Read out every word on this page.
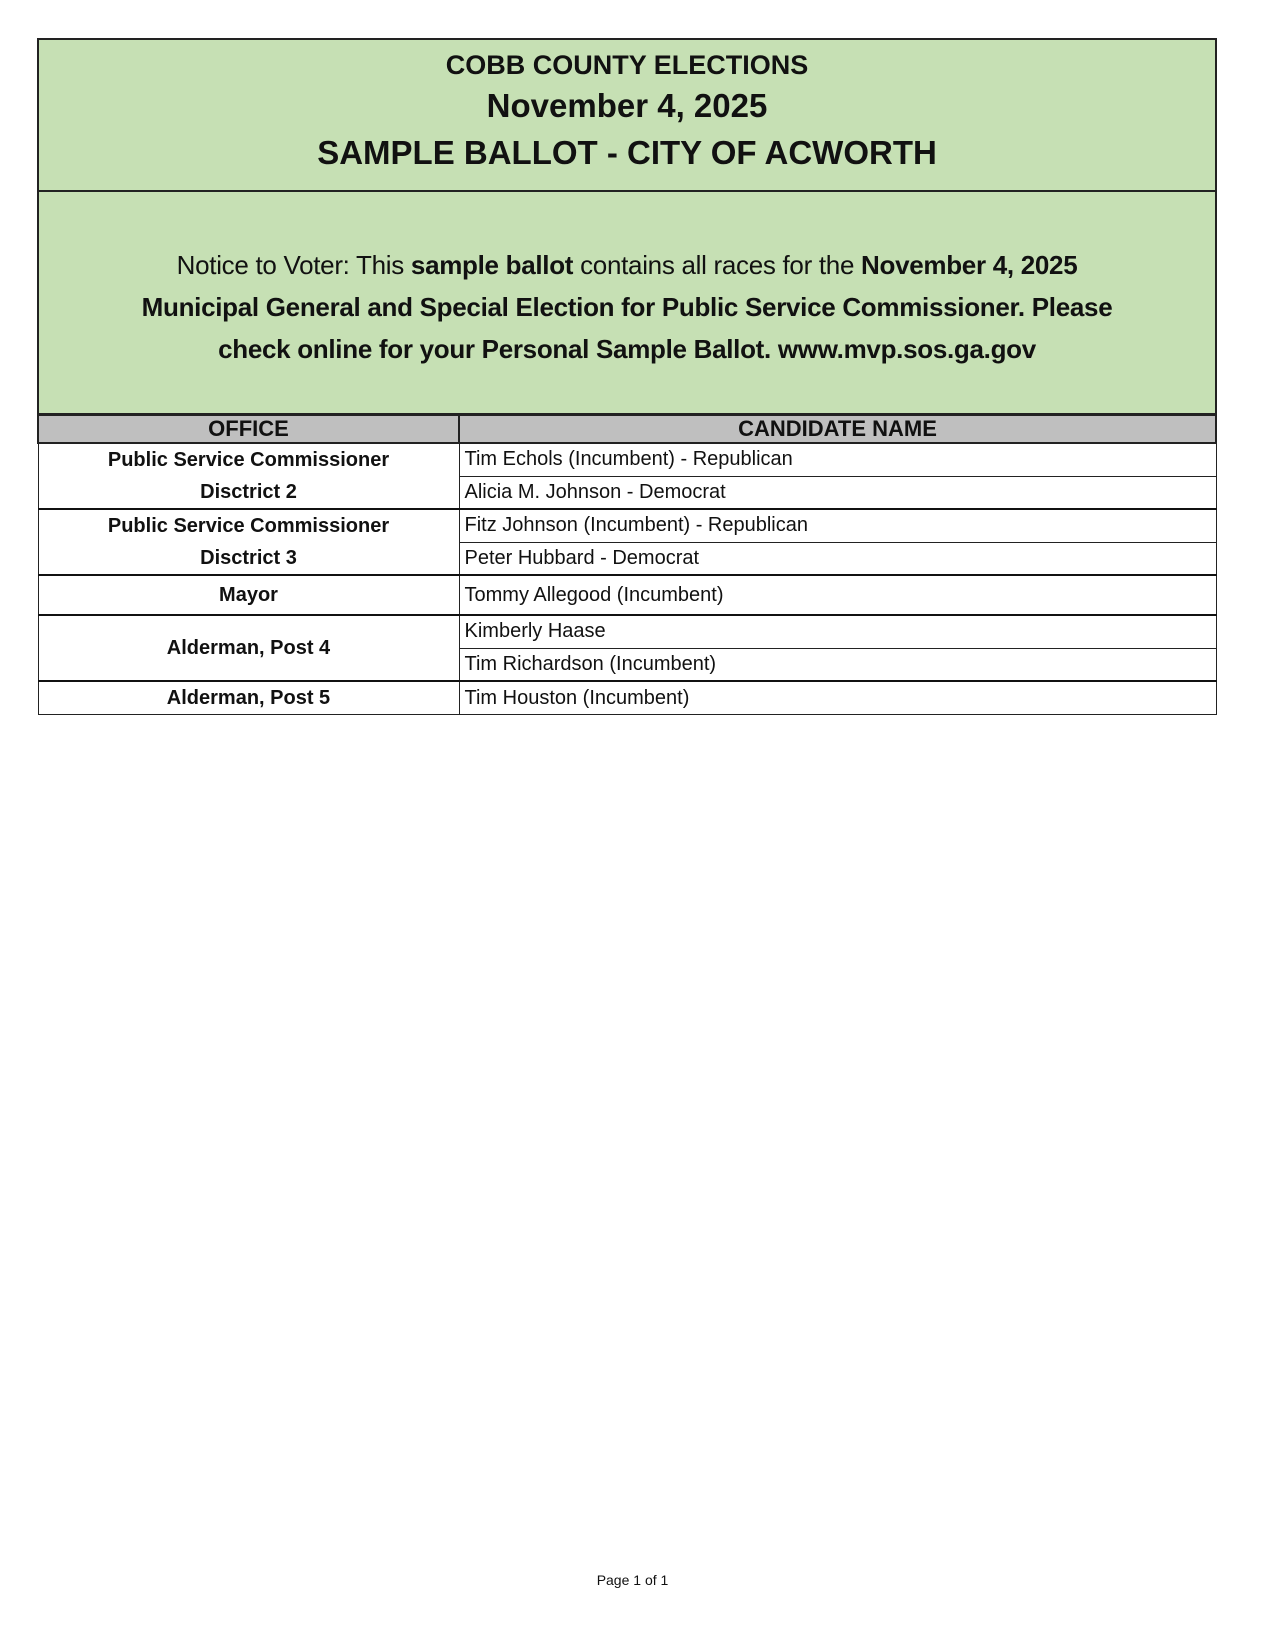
COBB COUNTY ELECTIONS
November 4, 2025
SAMPLE BALLOT - CITY OF ACWORTH
Notice to Voter: This sample ballot contains all races for the November 4, 2025
Municipal General and Special Election for Public Service Commissioner. Please
check online for your Personal Sample Ballot. www.mvp.sos.ga.gov
OFFICE	CANDIDATE NAME

Public Service Commissioner
Disctrict 2	Tim Echols (Incumbent) - Republican
	Alicia M. Johnson - Democrat

Public Service Commissioner
Disctrict 3	Fitz Johnson (Incumbent) - Republican
	Peter Hubbard - Democrat

Mayor	Tommy Allegood (Incumbent)

Alderman, Post 4	Kimberly Haase
	Tim Richardson (Incumbent)

Alderman, Post 5	Tim Houston (Incumbent)
Page 1 of 1
